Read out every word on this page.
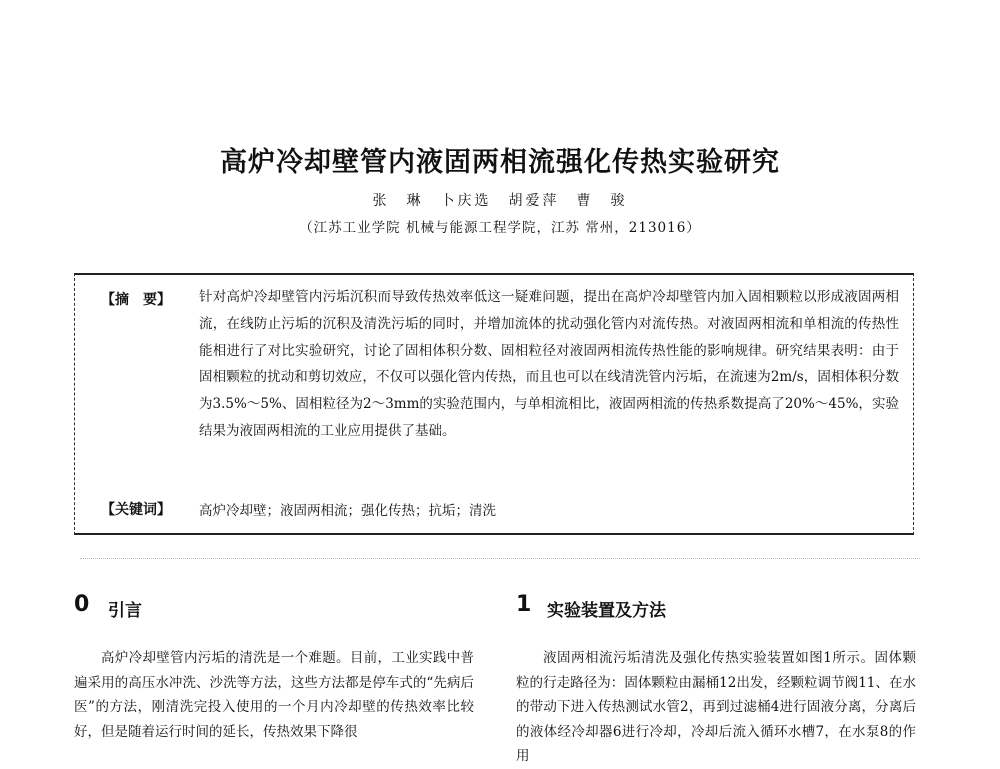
高炉冷却壁管内液固两相流强化传热实验研究
张　琳　卜庆选　胡爱萍　曹　骏
（江苏工业学院 机械与能源工程学院，江苏 常州，213016）
【摘　要】 针对高炉冷却壁管内污垢沉积而导致传热效率低这一疑难问题，提出在高炉冷却壁管内加入固相颗粒以形成液固两相流，在线防止污垢的沉积及清洗污垢的同时，并增加流体的扰动强化管内对流传热。对液固两相流和单相流的传热性能相进行了对比实验研究，讨论了固相体积分数、固相粒径对液固两相流传热性能的影响规律。研究结果表明：由于固相颗粒的扰动和剪切效应，不仅可以强化管内传热，而且也可以在线清洗管内污垢，在流速为2m/s，固相体积分数为3.5%～5%、固相粒径为2～3mm的实验范围内，与单相流相比，液固两相流的传热系数提高了20%～45%，实验结果为液固两相流的工业应用提供了基础。
【关键词】 高炉冷却壁；液固两相流；强化传热；抗垢；清洗
0 引言
高炉冷却壁管内污垢的清洗是一个难题。目前，工业实践中普遍采用的高压水冲洗、沙洗等方法，这些方法都是停车式的“先病后医”的方法，刚清洗完投入使用的一个月内冷却壁的传热效率比较好，但是随着运行时间的延长，传热效果下降很
1 实验装置及方法
液固两相流污垢清洗及强化传热实验装置如图1所示。固体颗粒的行走路径为：固体颗粒由漏桶12出发，经颗粒调节阀11、在水的带动下进入传热测试水管2，再到过滤桶4进行固液分离，分离后的液体经冷却器6进行冷却，冷却后流入循环水槽7，在水泵8的作用
